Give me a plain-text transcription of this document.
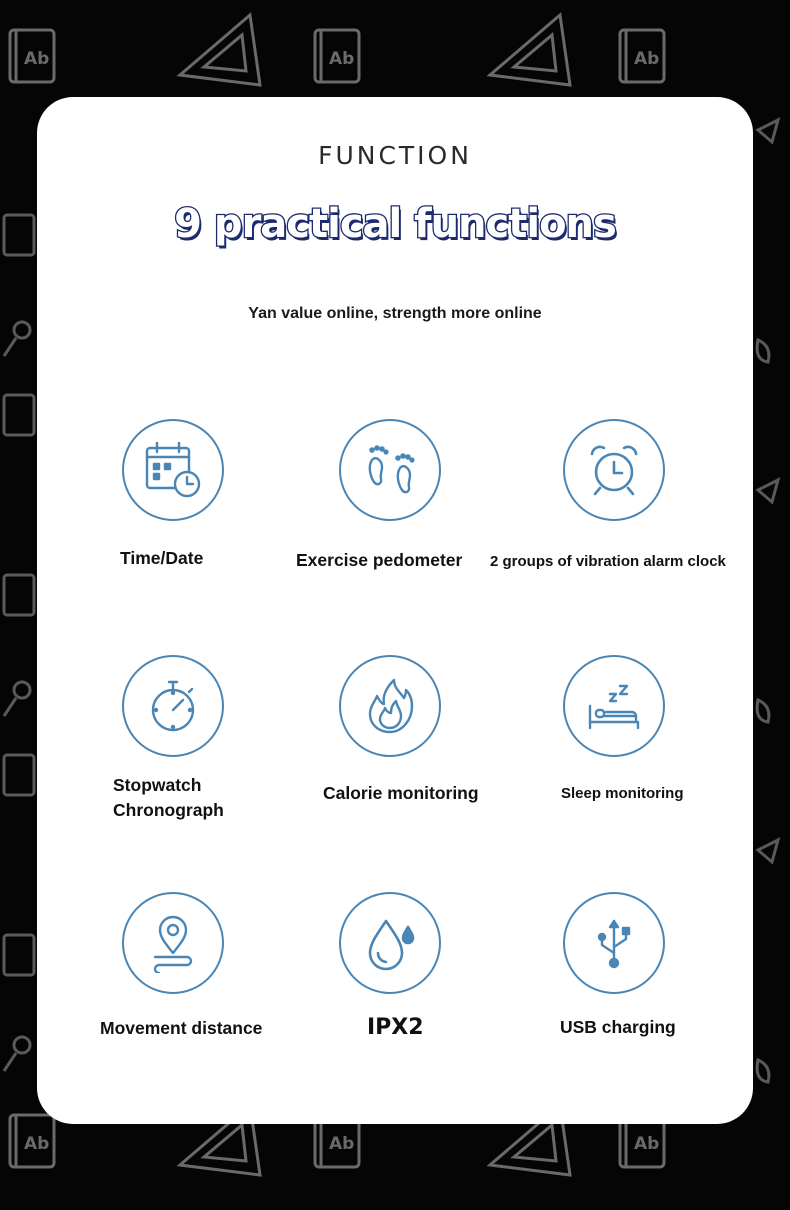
FUNCTION
9 practical functions
Yan value online, strength more online
Time/Date	Exercise pedometer 2 groups of vibration alarm clock
Stopwatch
Chronograph
Calorie monitoring	Sleep monitoring
Movement distance	IPX2	USB charging
